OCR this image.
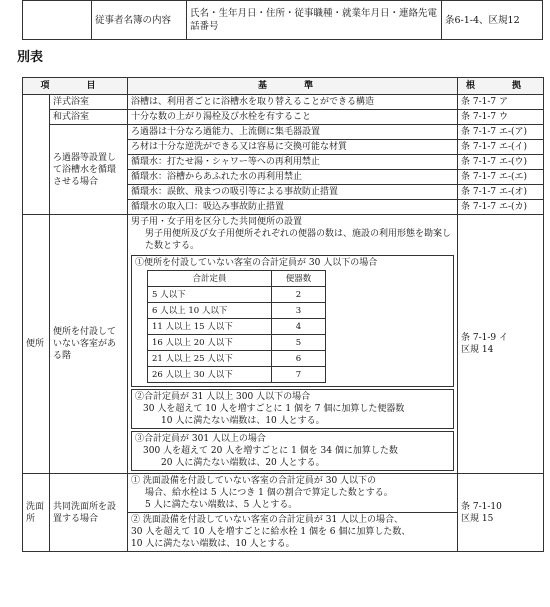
	従事者名簿の内容	氏名・生年月日・住所・従事職種・就業年月日・連絡先電話番号	条6-1-4、区規12
別表
項　目	基　準	根　拠
	洋式浴室	浴槽は、利用者ごとに浴槽水を取り替えることができる構造	条 7-1-7 ア
和式浴室	十分な数の上がり湯栓及び水栓を有すること	条 7-1-7 ウ
ろ過器等設置して浴槽水を循環させる場合	ろ過器は十分なろ過能力、上流側に集毛器設置	条 7-1-7 エ-(ア)
ろ材は十分な逆洗ができる又は容易に交換可能な材質	条 7-1-7 エ-(イ)
循環水：打たせ湯・シャワー等への再利用禁止	条 7-1-7 エ-(ウ)
循環水：浴槽からあふれた水の再利用禁止	条 7-1-7 エ-(エ)
循環水：誤飲、飛まつの吸引等による事故防止措置	条 7-1-7 エ-(オ)
循環水の取入口：吸込み事故防止措置	条 7-1-7 エ-(カ)
便所	便所を付設していない客室がある階	
男子用・女子用を区分した共同便所の設置
男子用便所及び女子用便所それぞれの便器の数は、施設の利用形態を勘案した数とする。
①便所を付設していない客室の合計定員が 30 人以下の場合
合計定員	便器数
5 人以下	2
6 人以上 10 人以下	3
11 人以上 15 人以下	4
16 人以上 20 人以下	5
21 人以上 25 人以下	6
26 人以上 30 人以下	7
②合計定員が 31 人以上 300 人以下の場合
30 人を超えて 10 人を増すごとに 1 個を 7 個に加算した便器数
10 人に満たない端数は、10 人とする。
③合計定員が 301 人以上の場合
300 人を超えて 20 人を増すごとに 1 個を 34 個に加算した数
20 人に満たない端数は、20 人とする。
	条 7-1-9 イ
区規 14
洗面所	共同洗面所を設置する場合	
① 洗面設備を付設していない客室の合計定員が 30 人以下の
場合、給水栓は 5 人につき 1 個の割合で算定した数とする。
5 人に満たない端数は、5 人とする。
② 洗面設備を付設していない客室の合計定員が 31 人以上の場合、
30 人を超えて 10 人を増すごとに給水栓 1 個を 6 個に加算した数、
10 人に満たない端数は、10 人とする。
	条 7-1-10
区規 15
